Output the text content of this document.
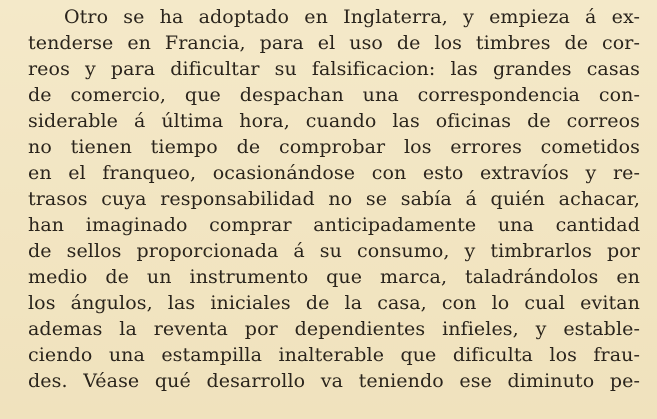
Otro se ha adoptado en Inglaterra, y empieza á ex-
tenderse en Francia, para el uso de los timbres de cor-
reos y para dificultar su falsificacion: las grandes casas
de comercio, que despachan una correspondencia con-
siderable á última hora, cuando las oficinas de correos
no tienen tiempo de comprobar los errores cometidos
en el franqueo, ocasionándose con esto extravíos y re-
trasos cuya responsabilidad no se sabía á quién achacar,
han imaginado comprar anticipadamente una cantidad
de sellos proporcionada á su consumo, y timbrarlos por
medio de un instrumento que marca, taladrándolos en
los ángulos, las iniciales de la casa, con lo cual evitan
ademas la reventa por dependientes infieles, y estable-
ciendo una estampilla inalterable que dificulta los frau-
des. Véase qué desarrollo va teniendo ese diminuto pe-
